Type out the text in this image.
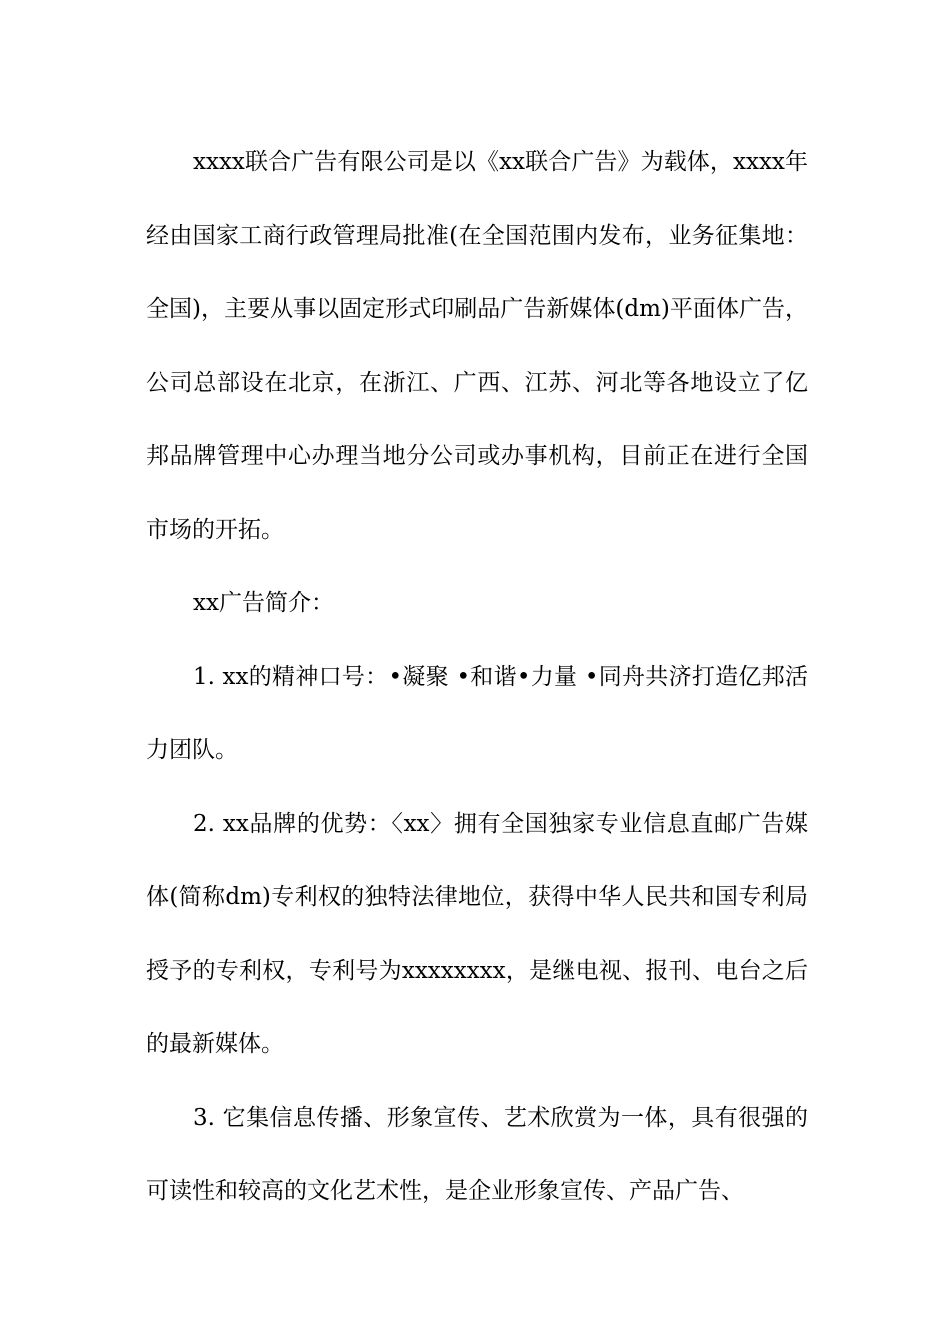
xxxx联合广告有限公司是以《xx联合广告》为载体，xxxx年经由国家工商行政管理局批准(在全国范围内发布，业务征集地：全国)，主要从事以固定形式印刷品广告新媒体(dm)平面体广告，公司总部设在北京，在浙江、广西、江苏、河北等各地设立了亿邦品牌管理中心办理当地分公司或办事机构，目前正在进行全国市场的开拓。

xx广告简介：

1. xx的精神口号：•凝聚 •和谐•力量 •同舟共济打造亿邦活力团队。

2. xx品牌的优势：〈xx〉拥有全国独家专业信息直邮广告媒体(简称dm)专利权的独特法律地位，获得中华人民共和国专利局授予的专利权，专利号为xxxxxxxx，是继电视、报刊、电台之后的最新媒体。

3. 它集信息传播、形象宣传、艺术欣赏为一体，具有很强的可读性和较高的文化艺术性，是企业形象宣传、产品广告、
